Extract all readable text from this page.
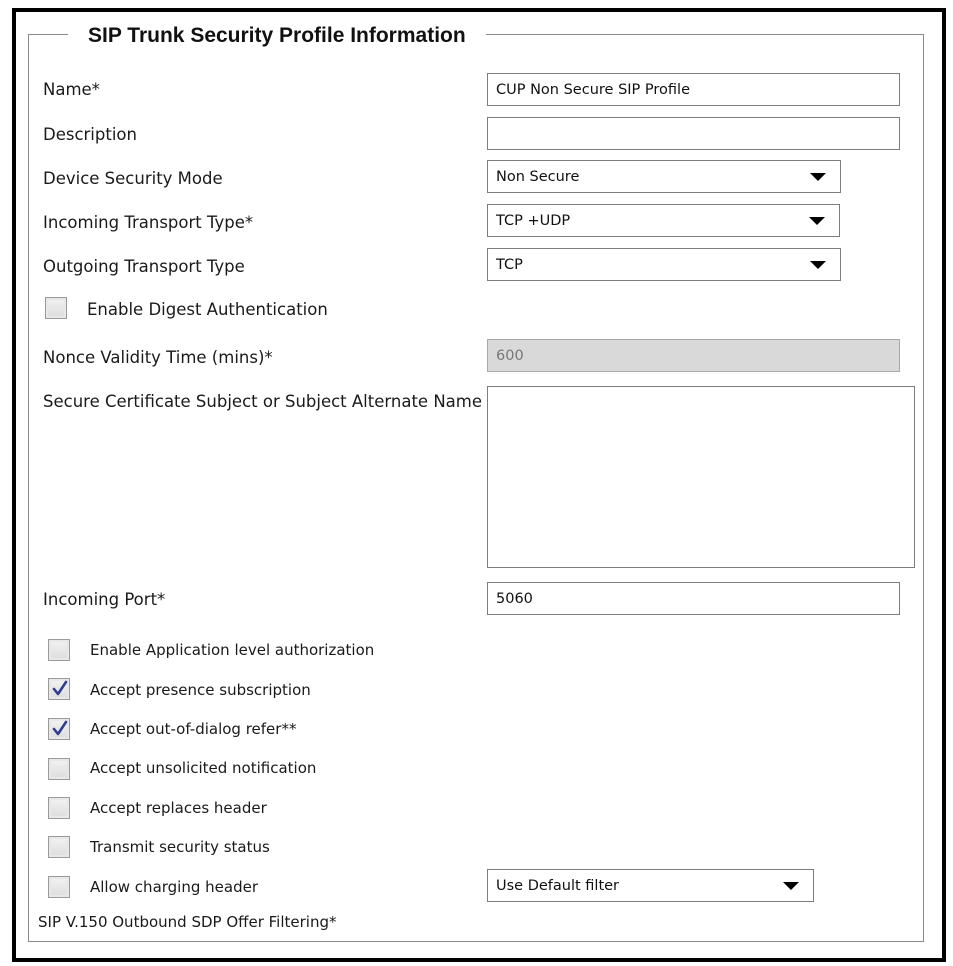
SIP Trunk Security Profile Information
Name*	CUP Non Secure SIP Profile
Description
Device Security Mode	Non Secure
Incoming Transport Type*	TCP +UDP
Outgoing Transport Type	TCP
Enable Digest Authentication
Nonce Validity Time (mins)*	600
Secure Certificate Subject or Subject Alternate Name
Incoming Port*	5060
Enable Application level authorization
Accept presence subscription
Accept out-of-dialog refer**
Accept unsolicited notification
Accept replaces header
Transmit security status
Allow charging header	Use Default filter
SIP V.150 Outbound SDP Offer Filtering*
